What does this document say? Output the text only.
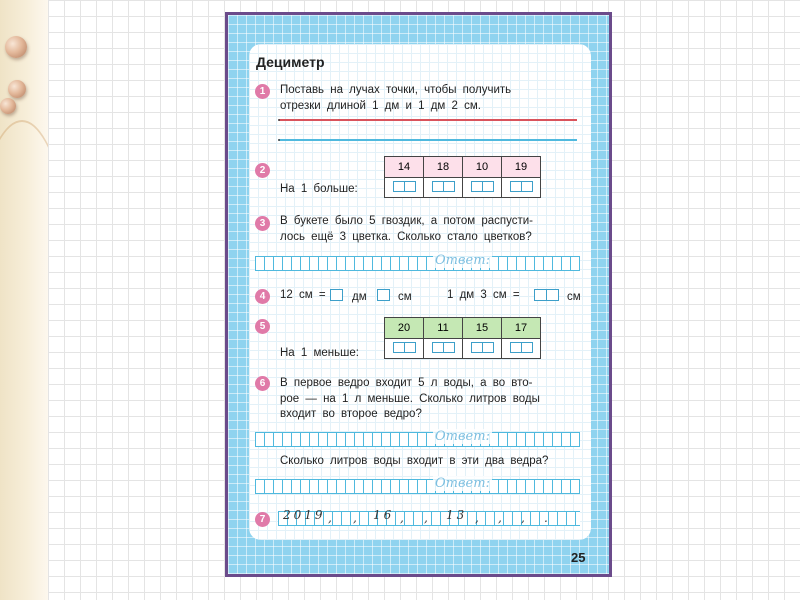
Дециметр
1	Поставь на лучах точки, чтобы получить

отрезки длиной 1 дм и 1 дм 2 см.

2	14	18	10	19

На 1 больше:

3	В букете было 5 гвоздик, а потом распусти-

лось ещё 3 цветка. Сколько стало цветков?

Ответ:
4	12 см = дм	см	1 дм 3 см =	см

5	20	11	15	17

На 1 меньше:

6	В первое ведро входит 5 л воды, а во вто-

рое — на 1 л меньше. Сколько литров воды

входит во второе ведро?

Ответ:

Сколько литров воды входит в эти два ведра?

Ответ:
7	2019 , , 16 , , 13 , , , .
25
